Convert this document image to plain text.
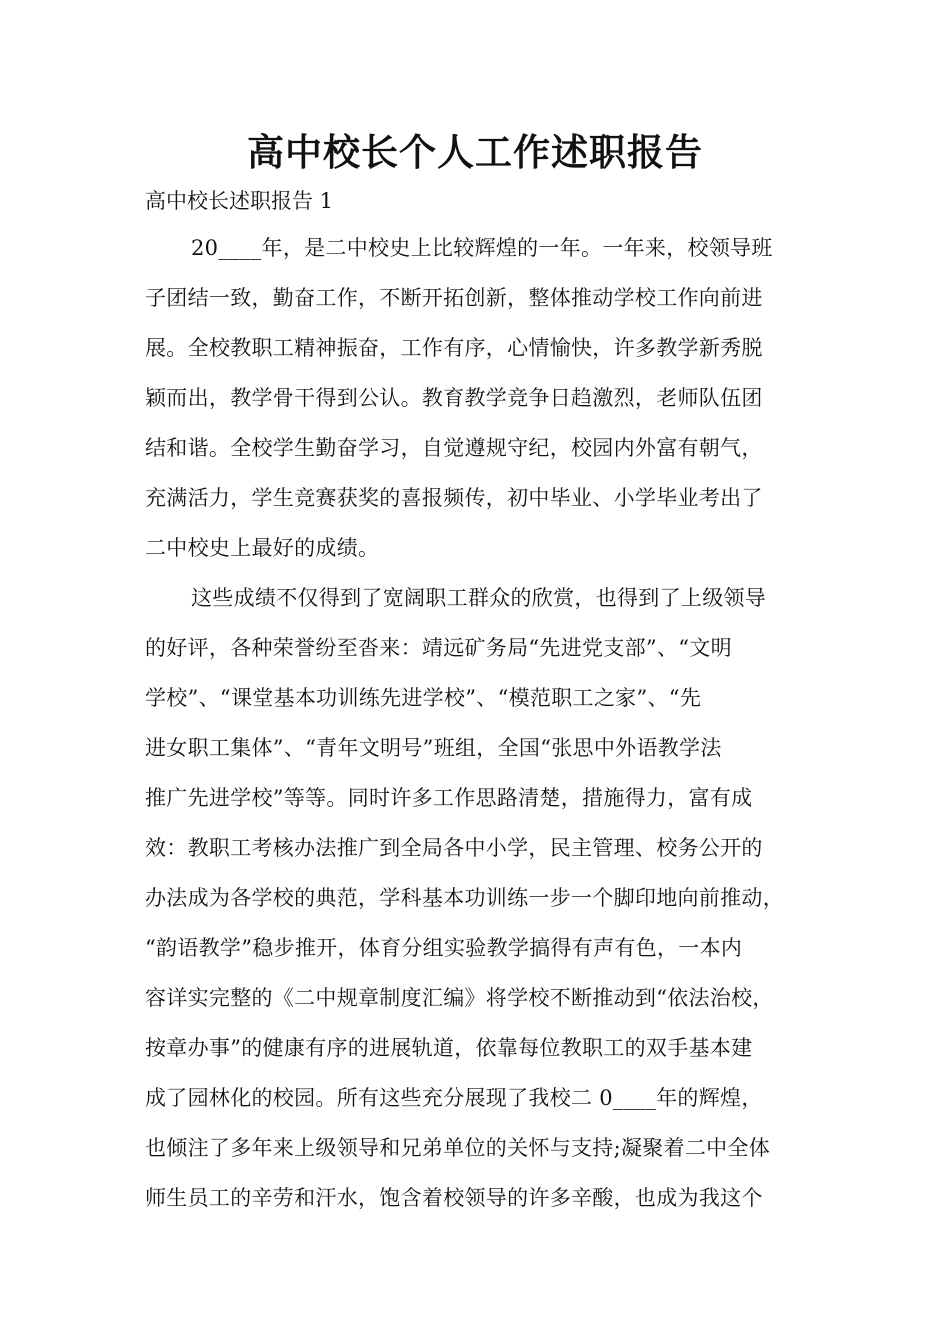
高中校长个人工作述职报告

高中校长述职报告 1

20____年，是二中校史上比较辉煌的一年。一年来，校领导班
子团结一致，勤奋工作，不断开拓创新，整体推动学校工作向前进
展。全校教职工精神振奋，工作有序，心情愉快，许多教学新秀脱
颖而出，教学骨干得到公认。教育教学竞争日趋激烈，老师队伍团
结和谐。全校学生勤奋学习，自觉遵规守纪，校园内外富有朝气，
充满活力，学生竞赛获奖的喜报频传，初中毕业、小学毕业考出了
二中校史上最好的成绩。
这些成绩不仅得到了宽阔职工群众的欣赏，也得到了上级领导
的好评，各种荣誉纷至沓来：靖远矿务局“先进党支部”、“文明
学校”、“课堂基本功训练先进学校”、“模范职工之家”、“先
进女职工集体”、“青年文明号”班组，全国“张思中外语教学法
推广先进学校”等等。同时许多工作思路清楚，措施得力，富有成
效：教职工考核办法推广到全局各中小学，民主管理、校务公开的
办法成为各学校的典范，学科基本功训练一步一个脚印地向前推动，
“韵语教学”稳步推开，体育分组实验教学搞得有声有色，一本内
容详实完整的《二中规章制度汇编》将学校不断推动到“依法治校，
按章办事”的健康有序的进展轨道，依靠每位教职工的双手基本建
成了园林化的校园。所有这些充分展现了我校二 0____年的辉煌，
也倾注了多年来上级领导和兄弟单位的关怀与支持;凝聚着二中全体
师生员工的辛劳和汗水，饱含着校领导的许多辛酸，也成为我这个
